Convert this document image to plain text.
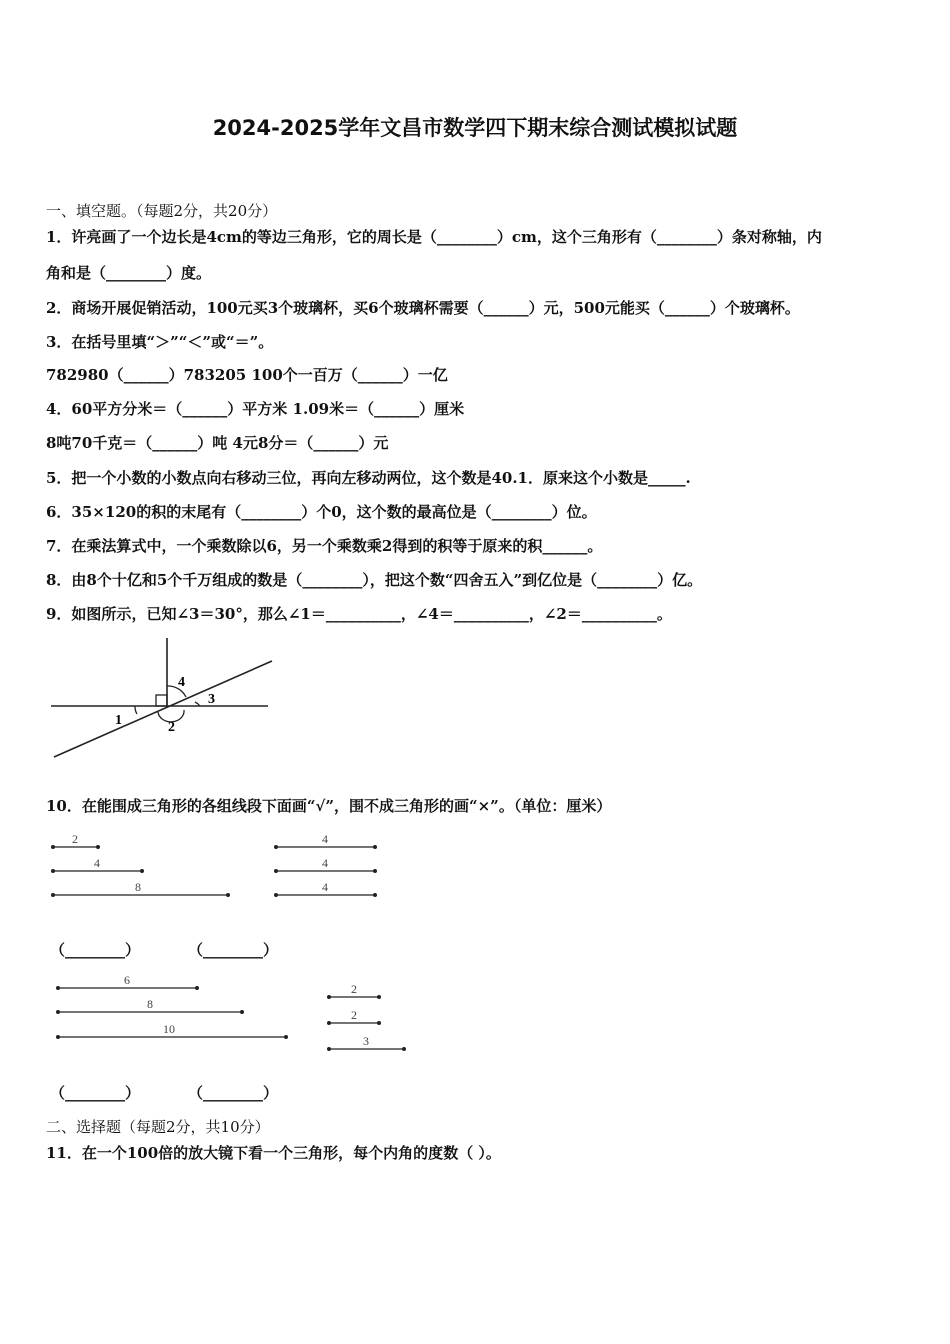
2024-2025学年文昌市数学四下期末综合测试模拟试题
一、填空题。（每题2分，共20分）
1．许亮画了一个边长是4cm的等边三角形，它的周长是（________）cm，这个三角形有（________）条对称轴，内
角和是（________）度。
2．商场开展促销活动，100元买3个玻璃杯，买6个玻璃杯需要（______）元，500元能买（______）个玻璃杯。
3．在括号里填“＞”“＜”或“＝”。
782980（______）783205 100个一百万（______）一亿
4．60平方分米＝（______）平方米 1.09米＝（______）厘米
8吨70千克＝（______）吨 4元8分＝（______）元
5．把一个小数的小数点向右移动三位，再向左移动两位，这个数是40.1．原来这个小数是_____.
6．35×120的积的末尾有（________）个0，这个数的最高位是（________）位。
7．在乘法算式中，一个乘数除以6，另一个乘数乘2得到的积等于原来的积______。
8．由8个十亿和5个千万组成的数是（________），把这个数“四舍五入”到亿位是（________）亿。
9．如图所示，已知∠3＝30°，那么∠1＝__________，∠4＝__________，∠2＝__________。
1	2
3
4
10．在能围成三角形的各组线段下面画“√”，围不成三角形的画“×”。（单位：厘米）
2
4
8
4
4
4
（________）	（________）
6
8
10
2
2
3
（________）	（________）
二、选择题（每题2分，共10分）
11．在一个100倍的放大镜下看一个三角形，每个内角的度数（ ）。
